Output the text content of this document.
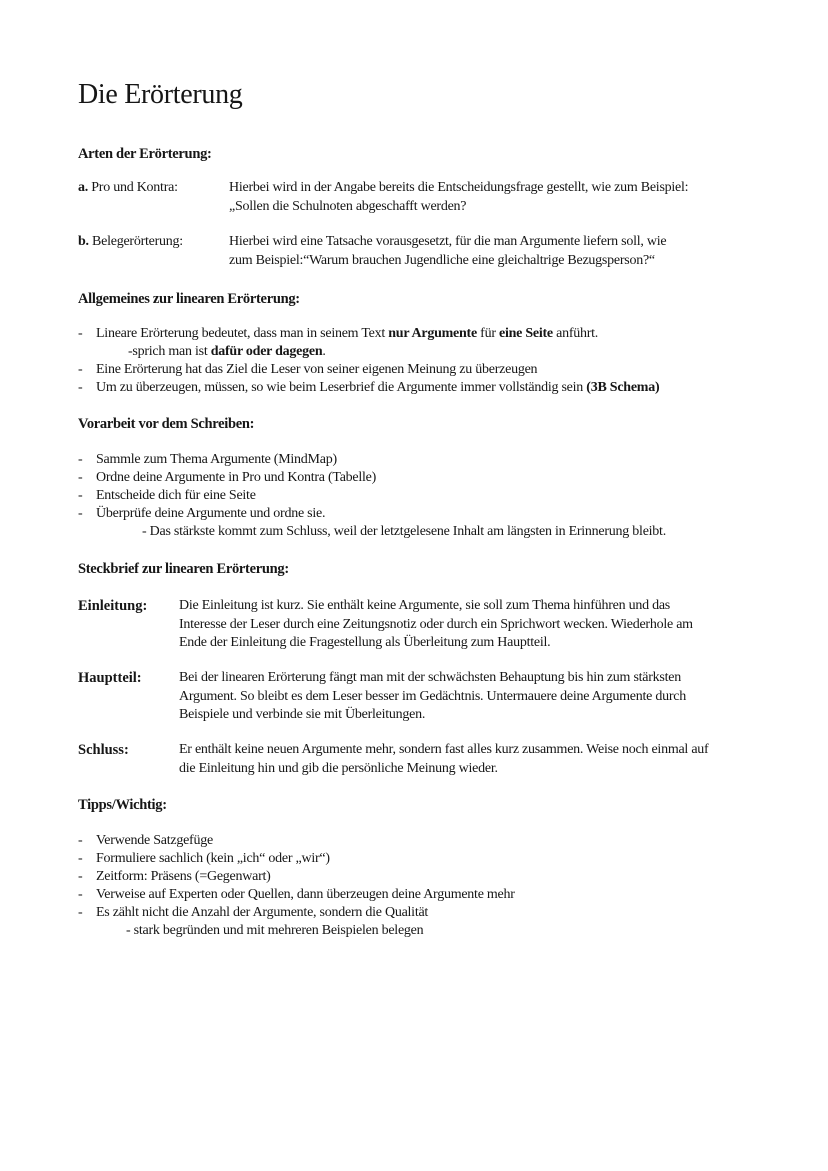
Die Erörterung
Arten der Erörterung:
a. Pro und Kontra:	Hierbei wird in der Angabe bereits die Entscheidungsfrage gestellt, wie zum Beispiel:
„Sollen die Schulnoten abgeschafft werden?
b. Belegerörterung:	Hierbei wird eine Tatsache vorausgesetzt, für die man Argumente liefern soll, wie
zum Beispiel:“Warum brauchen Jugendliche eine gleichaltrige Bezugsperson?“
Allgemeines zur linearen Erörterung:
- Lineare Erörterung bedeutet, dass man in seinem Text nur Argumente für eine Seite anführt.
-sprich man ist dafür oder dagegen.
- Eine Erörterung hat das Ziel die Leser von seiner eigenen Meinung zu überzeugen
- Um zu überzeugen, müssen, so wie beim Leserbrief die Argumente immer vollständig sein (3B Schema)
Vorarbeit vor dem Schreiben:
- Sammle zum Thema Argumente (MindMap)
- Ordne deine Argumente in Pro und Kontra (Tabelle)
- Entscheide dich für eine Seite
- Überprüfe deine Argumente und ordne sie.
- Das stärkste kommt zum Schluss, weil der letztgelesene Inhalt am längsten in Erinnerung bleibt.
Steckbrief zur linearen Erörterung:
Einleitung: Die Einleitung ist kurz. Sie enthält keine Argumente, sie soll zum Thema hinführen und das
Interesse der Leser durch eine Zeitungsnotiz oder durch ein Sprichwort wecken. Wiederhole am
Ende der Einleitung die Fragestellung als Überleitung zum Hauptteil.
Hauptteil:	Bei der linearen Erörterung fängt man mit der schwächsten Behauptung bis hin zum stärksten
Argument. So bleibt es dem Leser besser im Gedächtnis. Untermauere deine Argumente durch
Beispiele und verbinde sie mit Überleitungen.
Schluss:	Er enthält keine neuen Argumente mehr, sondern fast alles kurz zusammen. Weise noch einmal auf
die Einleitung hin und gib die persönliche Meinung wieder.
Tipps/Wichtig:
- Verwende Satzgefüge
- Formuliere sachlich (kein „ich“ oder „wir“)
- Zeitform: Präsens (=Gegenwart)
- Verweise auf Experten oder Quellen, dann überzeugen deine Argumente mehr
- Es zählt nicht die Anzahl der Argumente, sondern die Qualität
- stark begründen und mit mehreren Beispielen belegen
